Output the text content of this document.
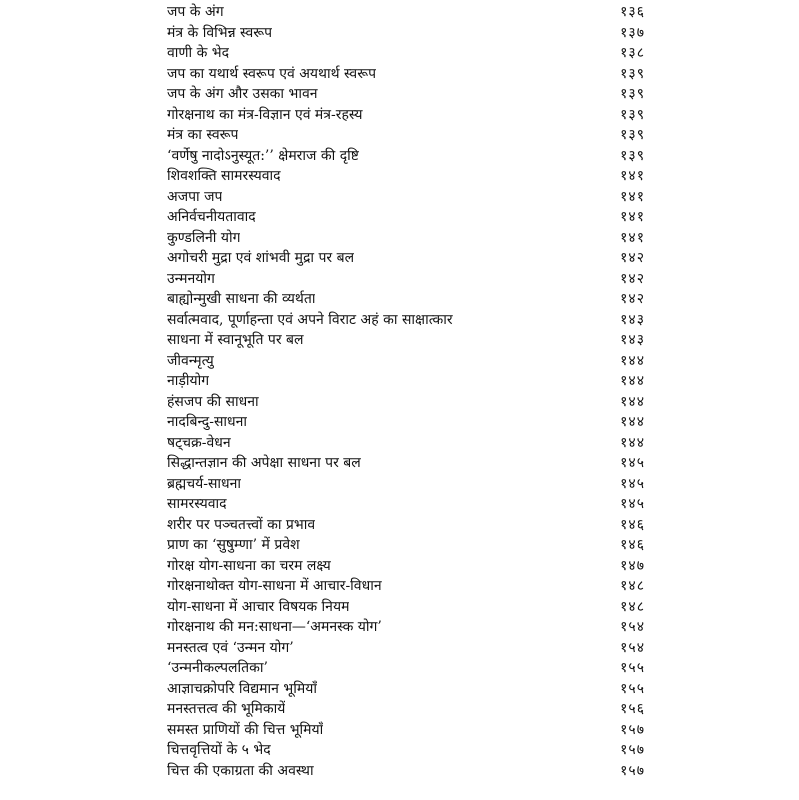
जप के अंग	१३६
मंत्र के विभिन्न स्वरूप	१३७
वाणी के भेद	१३८
जप का यथार्थ स्वरूप एवं अयथार्थ स्वरूप	१३९
जप के अंग और उसका भावन	१३९
गोरक्षनाथ का मंत्र-विज्ञान एवं मंत्र-रहस्य	१३९
मंत्र का स्वरूप	१३९
‘वर्णेषु नादोऽनुस्यूत:’’ क्षेमराज की दृष्टि	१३९
शिवशक्ति सामरस्यवाद	१४१
अजपा जप	१४१
अनिर्वचनीयतावाद	१४१
कुण्डलिनी योग	१४१
अगोचरी मुद्रा एवं शांभवी मुद्रा पर बल	१४२
उन्मनयोग	१४२
बाह्योन्मुखी साधना की व्यर्थता	१४२
सर्वात्मवाद, पूर्णाहन्ता एवं अपने विराट अहं का साक्षात्कार	१४३
साधना में स्वानूभूति पर बल	१४३
जीवन्मृत्यु	१४४
नाड़ीयोग	१४४
हंसजप की साधना	१४४
नादबिन्दु-साधना	१४४
षट्चक्र-वेधन	१४४
सिद्धान्तज्ञान की अपेक्षा साधना पर बल	१४५
ब्रह्मचर्य-साधना	१४५
सामरस्यवाद	१४५
शरीर पर पञ्चतत्त्वों का प्रभाव	१४६
प्राण का ‘सुषुम्णा’ में प्रवेश	१४६
गोरक्ष योग-साधना का चरम लक्ष्य	१४७
गोरक्षनाथोक्त योग-साधना में आचार-विधान	१४८
योग-साधना में आचार विषयक नियम	१४८
गोरक्षनाथ की मन:साधना—‘अमनस्क योग’	१५४
मनस्तत्व एवं ‘उन्मन योग’	१५४
‘उन्मनीकल्पलतिका’	१५५
आज्ञाचक्रोपरि विद्यमान भूमियाँ	१५५
मनस्तत्तत्व की भूमिकायें	१५६
समस्त प्राणियों की चित्त भूमियाँ	१५७
चित्तवृत्तियों के ५ भेद	१५७
चित्त की एकाग्रता की अवस्था	१५७
